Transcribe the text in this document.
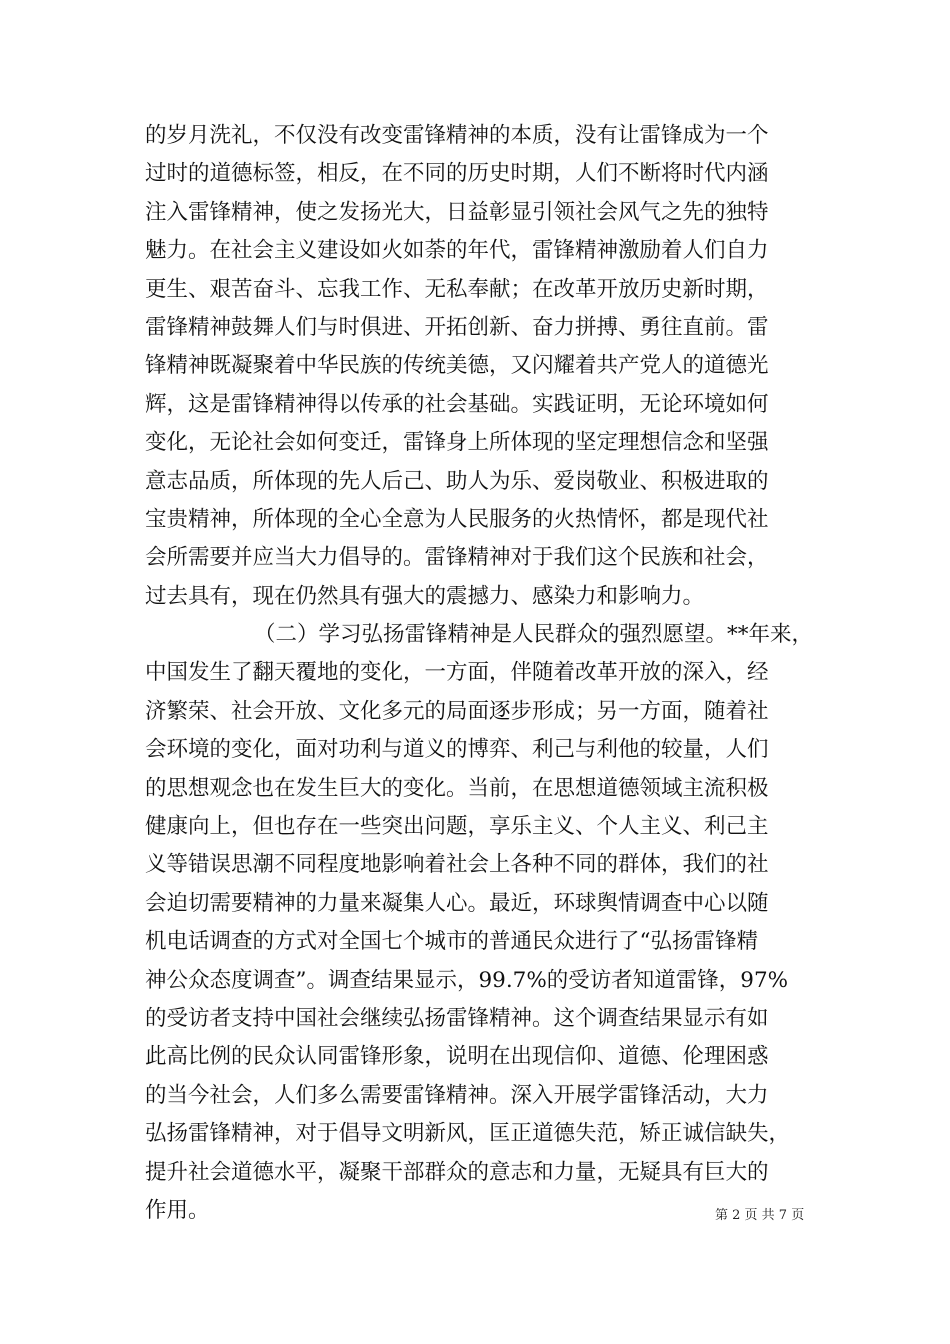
的岁月洗礼，不仅没有改变雷锋精神的本质，没有让雷锋成为一个
过时的道德标签，相反，在不同的历史时期，人们不断将时代内涵
注入雷锋精神，使之发扬光大，日益彰显引领社会风气之先的独特
魅力。在社会主义建设如火如荼的年代，雷锋精神激励着人们自力
更生、艰苦奋斗、忘我工作、无私奉献；在改革开放历史新时期，
雷锋精神鼓舞人们与时俱进、开拓创新、奋力拼搏、勇往直前。雷
锋精神既凝聚着中华民族的传统美德，又闪耀着共产党人的道德光
辉，这是雷锋精神得以传承的社会基础。实践证明，无论环境如何
变化，无论社会如何变迁，雷锋身上所体现的坚定理想信念和坚强
意志品质，所体现的先人后己、助人为乐、爱岗敬业、积极进取的
宝贵精神，所体现的全心全意为人民服务的火热情怀，都是现代社
会所需要并应当大力倡导的。雷锋精神对于我们这个民族和社会，
过去具有，现在仍然具有强大的震撼力、感染力和影响力。
（二）学习弘扬雷锋精神是人民群众的强烈愿望。**年来，
中国发生了翻天覆地的变化，一方面，伴随着改革开放的深入，经
济繁荣、社会开放、文化多元的局面逐步形成；另一方面，随着社
会环境的变化，面对功利与道义的博弈、利己与利他的较量，人们
的思想观念也在发生巨大的变化。当前，在思想道德领域主流积极
健康向上，但也存在一些突出问题，享乐主义、个人主义、利己主
义等错误思潮不同程度地影响着社会上各种不同的群体，我们的社
会迫切需要精神的力量来凝集人心。最近，环球舆情调查中心以随
机电话调查的方式对全国七个城市的普通民众进行了“弘扬雷锋精
神公众态度调查”。调查结果显示，99.7%的受访者知道雷锋，97%
的受访者支持中国社会继续弘扬雷锋精神。这个调查结果显示有如
此高比例的民众认同雷锋形象，说明在出现信仰、道德、伦理困惑
的当今社会，人们多么需要雷锋精神。深入开展学雷锋活动，大力
弘扬雷锋精神，对于倡导文明新风，匡正道德失范，矫正诚信缺失，
提升社会道德水平，凝聚干部群众的意志和力量，无疑具有巨大的
作用。	第 2 页 共 7 页
